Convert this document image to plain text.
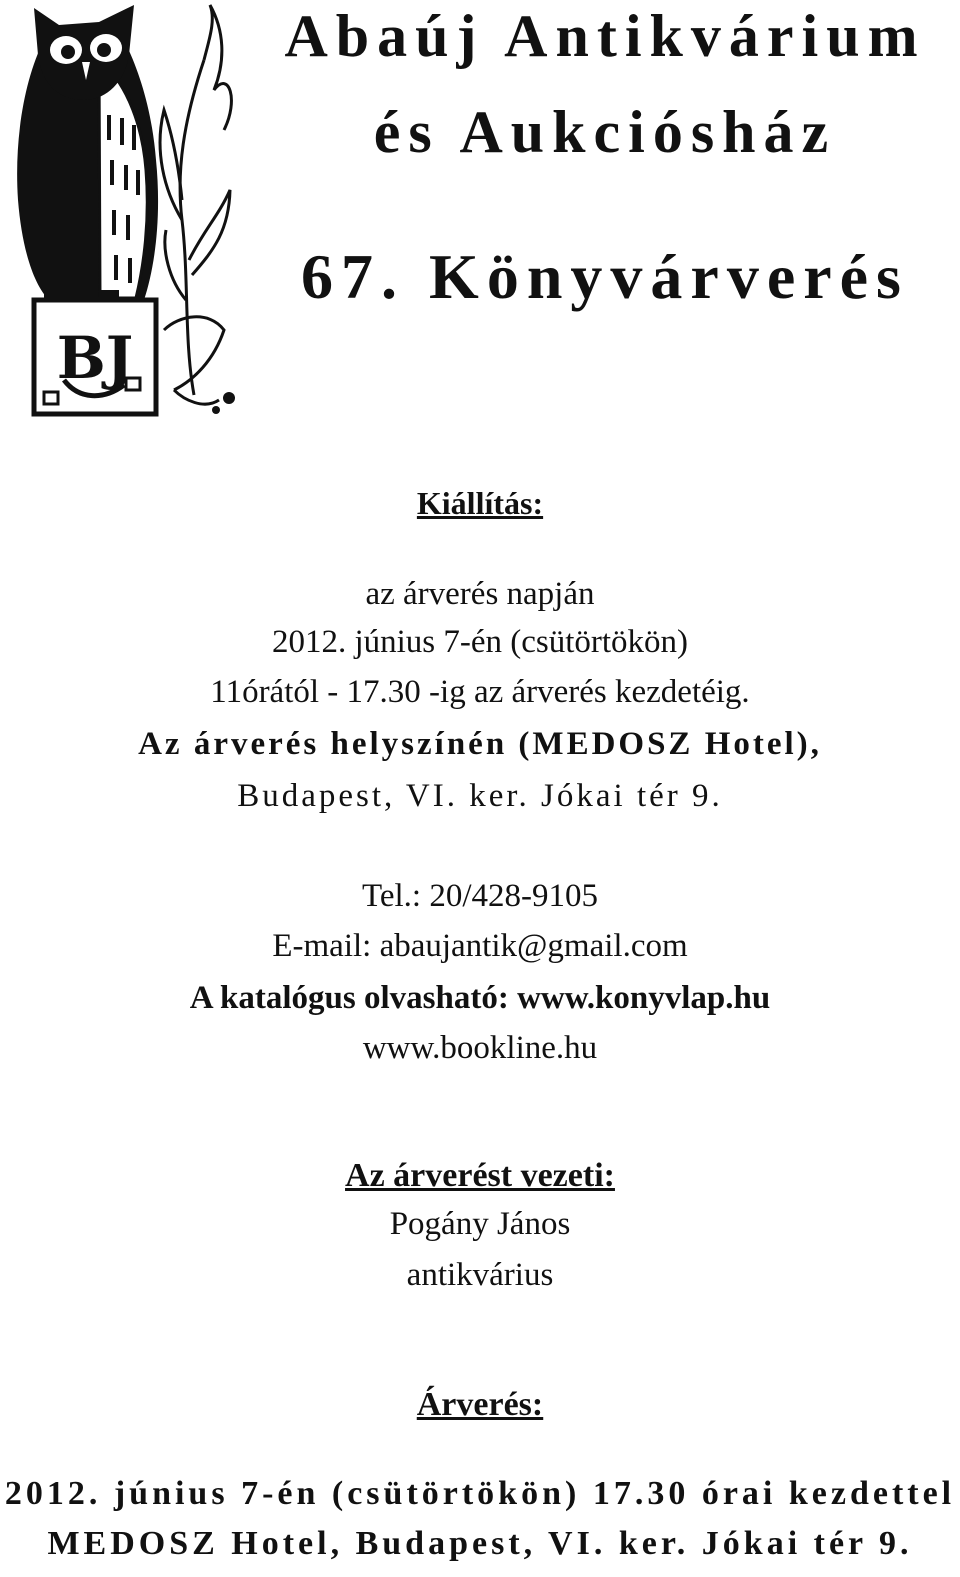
BJ
Abaúj Antikvárium
és Aukciósház
67. Könyvárverés

Kiállítás:

az árverés napján

2012. június 7-én (csütörtökön)

11órától - 17.30 -ig az árverés kezdetéig.

Az árverés helyszínén (MEDOSZ Hotel),

Budapest, VI. ker. Jókai tér 9.

Tel.: 20/428-9105

E-mail: abaujantik@gmail.com

A katalógus olvasható: www.konyvlap.hu

www.bookline.hu

Az árverést vezeti:

Pogány János

antikvárius

Árverés:

2012. június 7-én (csütörtökön) 17.30 órai kezdettel

MEDOSZ Hotel, Budapest, VI. ker. Jókai tér 9.
